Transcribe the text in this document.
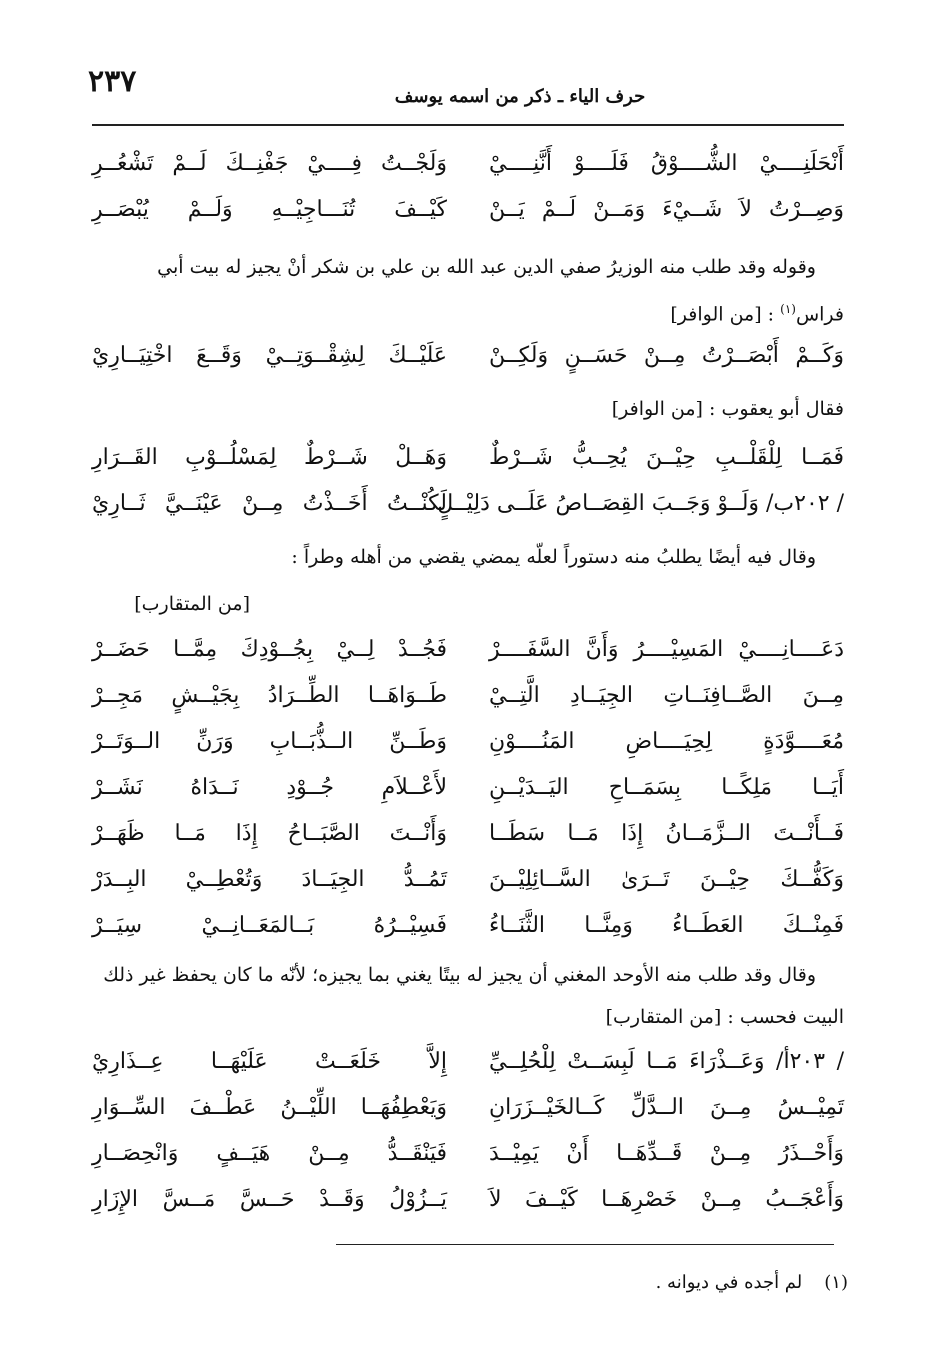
٢٣٧	حرف الياء ـ ذكر من اسمه يوسف
أَنْحَلَنِــــيْ الشُّــــوْقُ فَلَــــوْ أَنَّنِــــيْ
وَلَجْــتُ فِــــيْ جَفْنِــكَ لَــمْ تَشْعُــرِ
وَصِــرْتُ لاَ شَــيْءَ وَمَــنْ لَــمْ يَــنْ
كَيْــفَ تُنَـــاجِيْــهِ وَلَــمْ يُبْصَــرِ
وقوله وقد طلب منه الوزيرُ صفي الدين عبد الله بن علي بن شكر أنْ يجيز له بيت أبي فراس$^{(١)}$ : [من الوافر]
وَكَــمْ أَبْصَــرْتُ مِــنْ حَسَــنٍ وَلَكِــنْ
عَلَيْــكَ لِشِقْــوَتِــيْ وَقَــعَ اخْتِيَــارِيْ
فقال أبو يعقوب : [من الوافر]
فَمَــا لِلْقَلْــبِ حِيْــنَ يُحِــبُّ شَــرْطٌ
وَهَــلْ شَــرْطٌ لِمَسْلُــوْبِ القَــرَارِ
/ ٢٠٢ب/ وَلَــوْ وَجَــبَ القِصَــاصُ عَلَــى دَلِيْــلٍ
لَكُنْــتُ أَخَــذْتُ مِــنْ عَيْنَــيَّ ثَــارِيْ
وقال فيه أيضًا يطلبُ منه دستوراً لعلّه يمضي يقضي من أهله وطراً :
[من المتقارب]
دَعَــــانِــــيْ المَسِيْــــرُ وَأَنَّ السَّفَــــرْ
فَجُــدْ لِــيْ بِجُــوْدِكَ مِمَّــا حَضَــرْ
مِــنَ الصَّــافِنَــاتِ الجِيَــادِ الَّتِــيْ
طَــوَاهَــا الطِّــرَادُ بِجَيْــشٍ مَجِــرْ
مُعَــــوَّدَةٍ لِحِيَــــاضِ المَنُــــوْنِ
وَطَــنِّ الــذُّبَــابِ وَرَنِّ الــوَتَــرْ
أَيَــا مَلِكًــا بِسَمَــاحِ اليَــدَيْــنِ
لأَعْــلاَمِ جُــوْدِ نَــدَاهُ نَشَــرْ
فَــأَنْــتَ الــزَّمَــانُ إِذَا مَــا سَطَــا
وَأَنْــتَ الصَّبَــاحُ إِذَا مَــا ظَهَــرْ
وَكَفُّــكَ حِيْــنَ تَــرَىٰ السَّــائِلِيْــنَ
تَمُــدُّ الجِيَــادَ وَتُعْطِــيْ البِــدَرْ
فَمِنْــكَ العَطَــاءُ وَمِنَّــا الثَّنَــاءُ
فَسِيْــرُهُ بَــالمَعَــانِــيْ سِيَــرْ
وقال وقد طلب منه الأوحد المغني أن يجيز له بيتًا يغني بما يجيزه؛ لأنّه ما كان يحفظ غير ذلك البيت فحسب : [من المتقارب]
/ ٢٠٣أ/ وَعَــذْرَاءَ مَــا لَبِسَــتْ لِلْحُلِــيِّ
إِلاَّ خَلَعَــتْ عَلَيْهَــا عِــذَارِيْ
تَمِيْــسُ مِــنَ الــدَّلِّ كَــالخَيْــزَرَانِ
وَيَعْطِفُهَــا اللِّيْــنُ عَطْــفَ السِّــوَارِ
وَأَحْــذَرُ مِــنْ قَــدِّهَــا أَنْ يَمِيْــدَ
فَيَنْقَــدُّ مِــنْ هَيَــفٍ وَانْحِصَــارِ
وَأَعْجَــبُ مِــنْ خَصْرِهَــا كَيْــفَ لاَ
يَــزُوْلُ وَقَــدْ حَــسَّ مَــسَّ الإِزَارِ
(١)لم أجده في ديوانه .
